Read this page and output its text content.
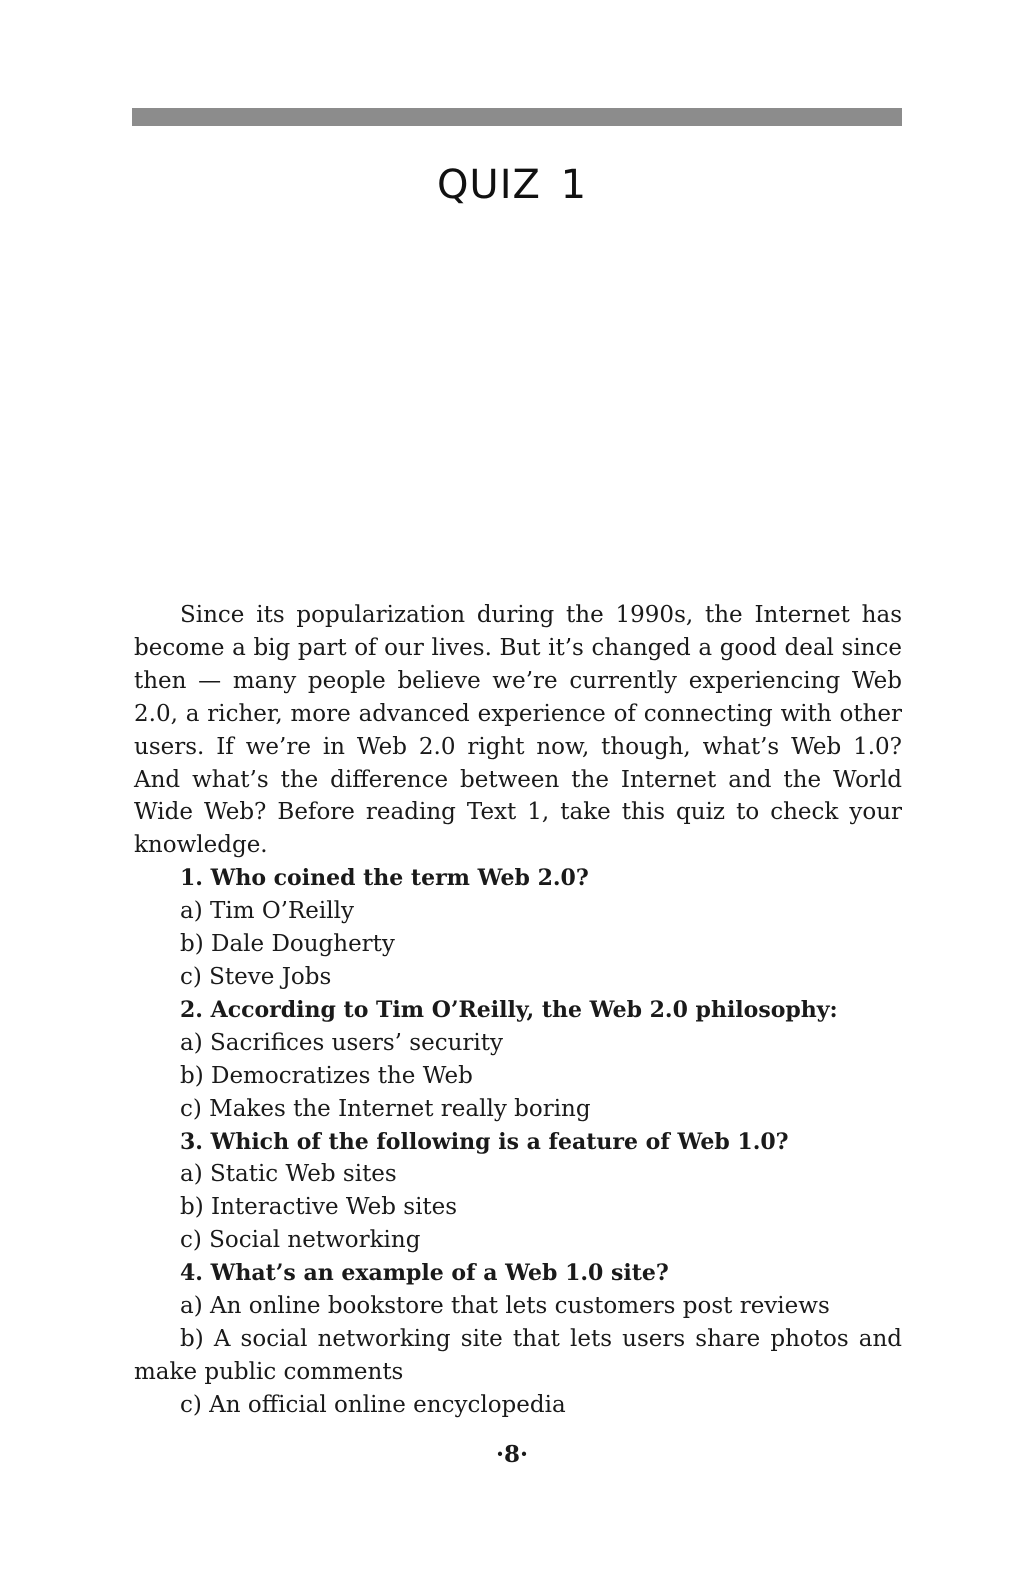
QUIZ 1

Since its popularization during the 1990s, the Internet has become a big part of our lives. But it’s changed a good deal since then — many people believe we’re currently experiencing Web 2.0, a richer, more advanced experience of connecting with other users. If we’re in Web 2.0 right now, though, what’s Web 1.0? And what’s the difference between the Internet and the World Wide Web? Before reading Text 1, take this quiz to check your knowledge.

1. Who coined the term Web 2.0?

a) Tim O’Reilly

b) Dale Dougherty

c) Steve Jobs

2. According to Tim O’Reilly, the Web 2.0 philosophy:

a) Sacrifices users’ security

b) Democratizes the Web

c) Makes the Internet really boring

3. Which of the following is a feature of Web 1.0?

a) Static Web sites

b) Interactive Web sites

c) Social networking

4. What’s an example of a Web 1.0 site?

a) An online bookstore that lets customers post reviews

b) A social networking site that lets users share photos and make public comments

c) An official online encyclopedia

·8·
